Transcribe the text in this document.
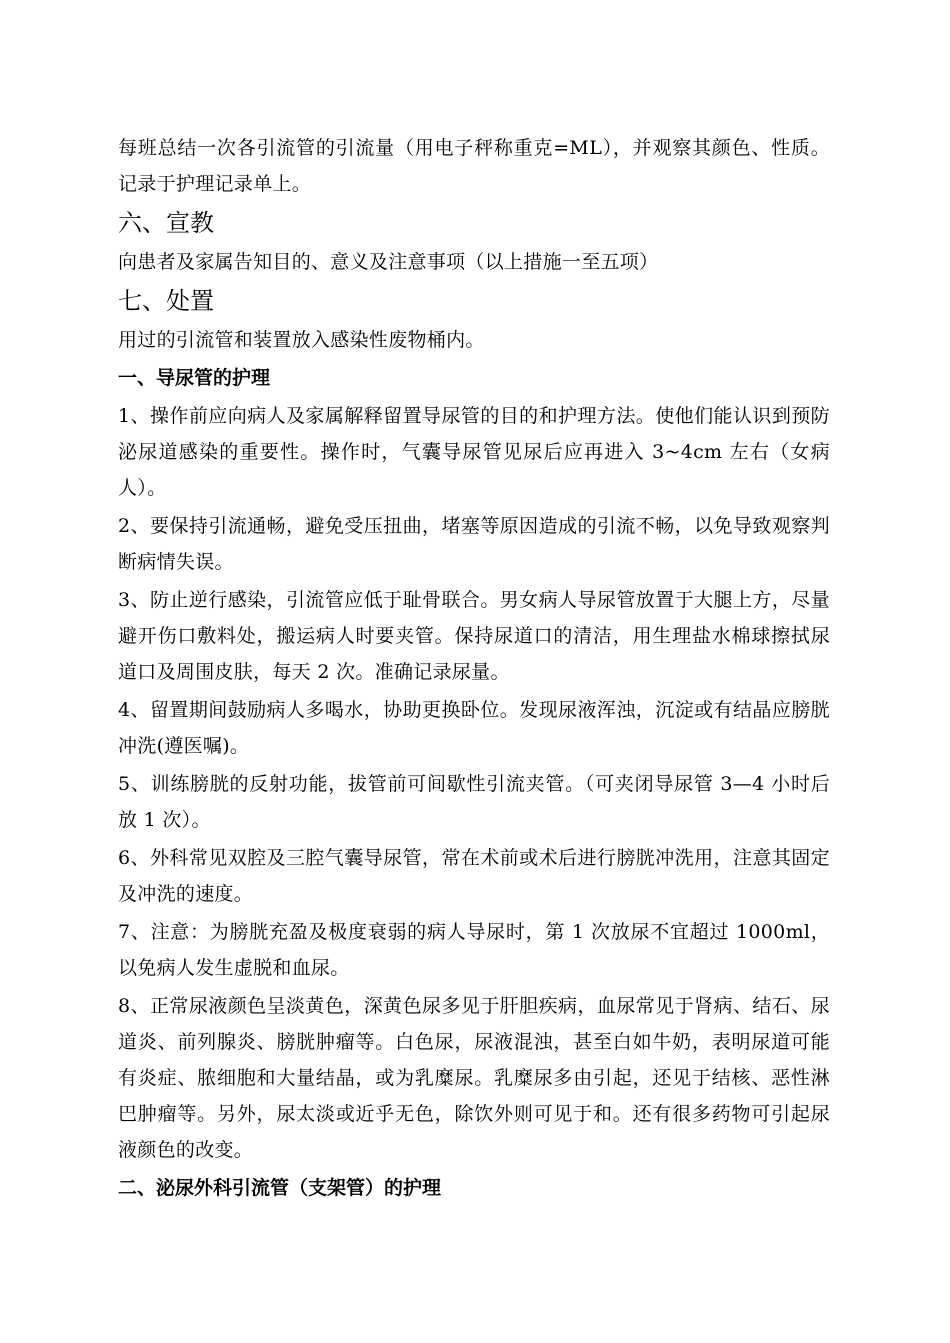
每班总结一次各引流管的引流量（用电子秤称重克=ML），并观察其颜色、性质。记录于护理记录单上。

六、宣教

向患者及家属告知目的、意义及注意事项（以上措施一至五项）

七、处置

用过的引流管和装置放入感染性废物桶内。

一、导尿管的护理

1、操作前应向病人及家属解释留置导尿管的目的和护理方法。使他们能认识到预防泌尿道感染的重要性。操作时，气囊导尿管见尿后应再进入 3~4cm 左右（女病人）。

2、要保持引流通畅，避免受压扭曲，堵塞等原因造成的引流不畅，以免导致观察判断病情失误。

3、防止逆行感染，引流管应低于耻骨联合。男女病人导尿管放置于大腿上方，尽量避开伤口敷料处，搬运病人时要夹管。保持尿道口的清洁，用生理盐水棉球擦拭尿道口及周围皮肤，每天 2 次。准确记录尿量。

4、留置期间鼓励病人多喝水，协助更换卧位。发现尿液浑浊，沉淀或有结晶应膀胱冲洗(遵医嘱)。

5、训练膀胱的反射功能，拔管前可间歇性引流夹管。（可夹闭导尿管 3—4 小时后放 1 次）。

6、外科常见双腔及三腔气囊导尿管，常在术前或术后进行膀胱冲洗用，注意其固定及冲洗的速度。

7、注意：为膀胱充盈及极度衰弱的病人导尿时，第 1 次放尿不宜超过 1000ml，以免病人发生虚脱和血尿。

8、正常尿液颜色呈淡黄色，深黄色尿多见于肝胆疾病，血尿常见于肾病、结石、尿道炎、前列腺炎、膀胱肿瘤等。白色尿，尿液混浊，甚至白如牛奶，表明尿道可能有炎症、脓细胞和大量结晶，或为乳糜尿。乳糜尿多由引起，还见于结核、恶性淋巴肿瘤等。另外，尿太淡或近乎无色，除饮外则可见于和。还有很多药物可引起尿液颜色的改变。

二、泌尿外科引流管（支架管）的护理
